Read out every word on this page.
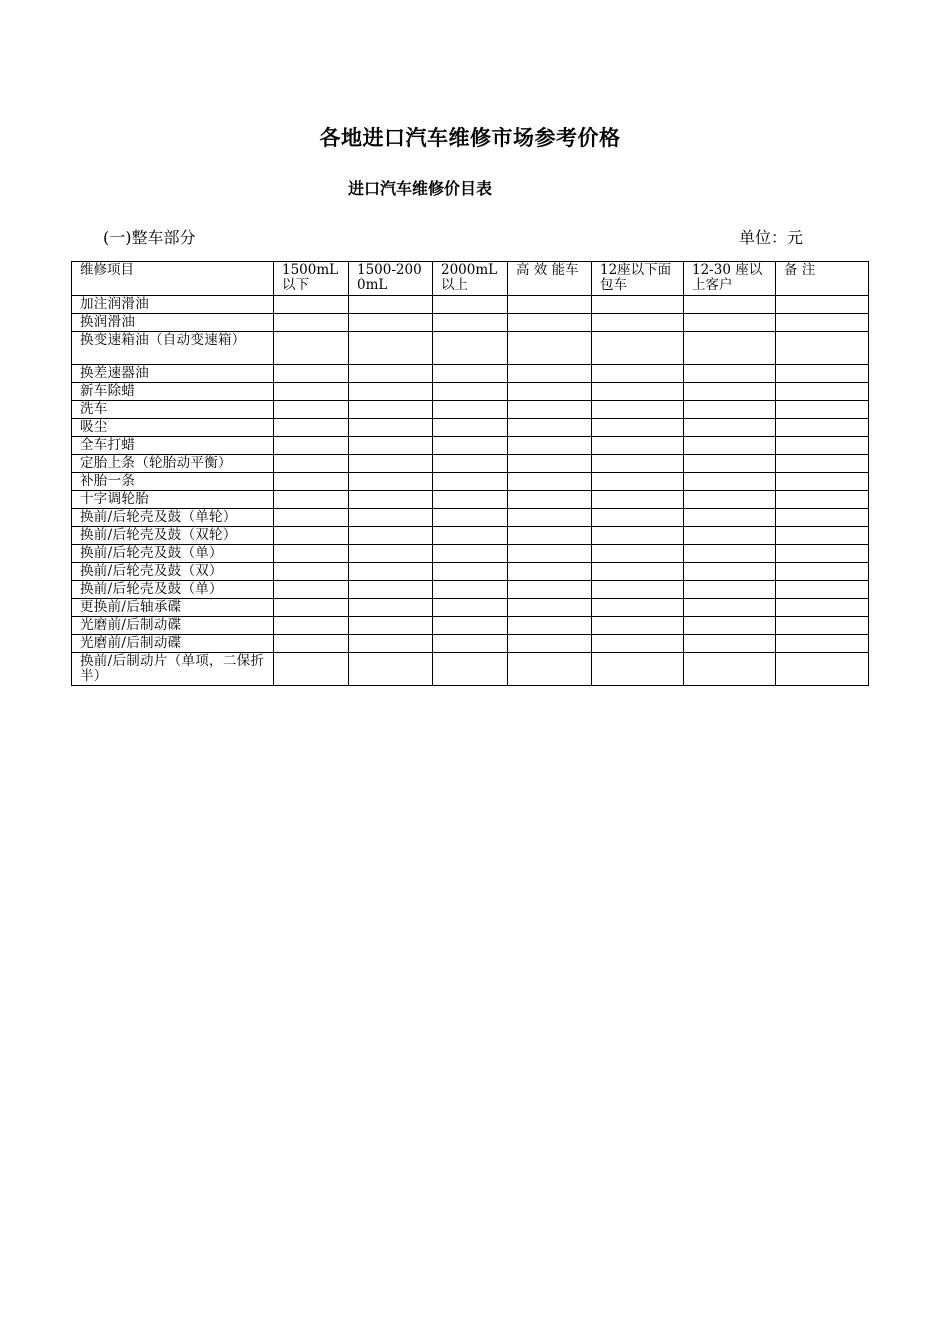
各地进口汽车维修市场参考价格
进口汽车维修价目表
(一)整车部分	单位：元
维修项目	1500mL以下	1500-2000mL	2000mL以上	高 效 能车	12座以下面包车	12-30 座以上客户	备 注
加注润滑油							
换润滑油							
换变速箱油（自动变速箱）							
换差速器油							
新车除蜡							
洗车							
吸尘							
全车打蜡							
定胎上条（轮胎动平衡）							
补胎一条							
十字调轮胎							
换前/后轮壳及鼓（单轮）							
换前/后轮壳及鼓（双轮）							
换前/后轮壳及鼓（单）							
换前/后轮壳及鼓（双）							
换前/后轮壳及鼓（单）							
更换前/后轴承碟							
光磨前/后制动碟							
光磨前/后制动碟							
换前/后制动片（单项，二保折半）							
